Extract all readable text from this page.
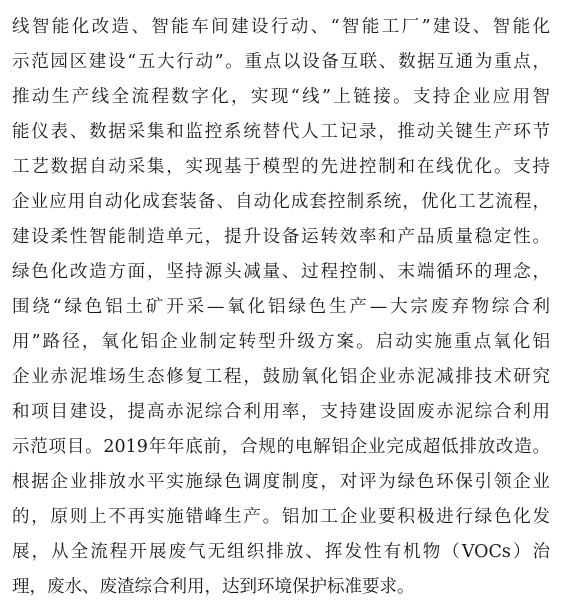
线智能化改造、智能车间建设行动、“智能工厂”建设、智能化
示范园区建设“五大行动”。重点以设备互联、数据互通为重点，
推动生产线全流程数字化，实现“线”上链接。支持企业应用智
能仪表、数据采集和监控系统替代人工记录，推动关键生产环节
工艺数据自动采集，实现基于模型的先进控制和在线优化。支持
企业应用自动化成套装备、自动化成套控制系统，优化工艺流程，
建设柔性智能制造单元，提升设备运转效率和产品质量稳定性。
绿色化改造方面，坚持源头减量、过程控制、末端循环的理念，
围绕“绿色铝土矿开采—氧化铝绿色生产—大宗废弃物综合利
用”路径，氧化铝企业制定转型升级方案。启动实施重点氧化铝
企业赤泥堆场生态修复工程，鼓励氧化铝企业赤泥减排技术研究
和项目建设，提高赤泥综合利用率，支持建设固废赤泥综合利用
示范项目。2019年年底前，合规的电解铝企业完成超低排放改造。
根据企业排放水平实施绿色调度制度，对评为绿色环保引领企业
的，原则上不再实施错峰生产。铝加工企业要积极进行绿色化发
展，从全流程开展废气无组织排放、挥发性有机物（VOCs）治
理，废水、废渣综合利用，达到环境保护标准要求。
